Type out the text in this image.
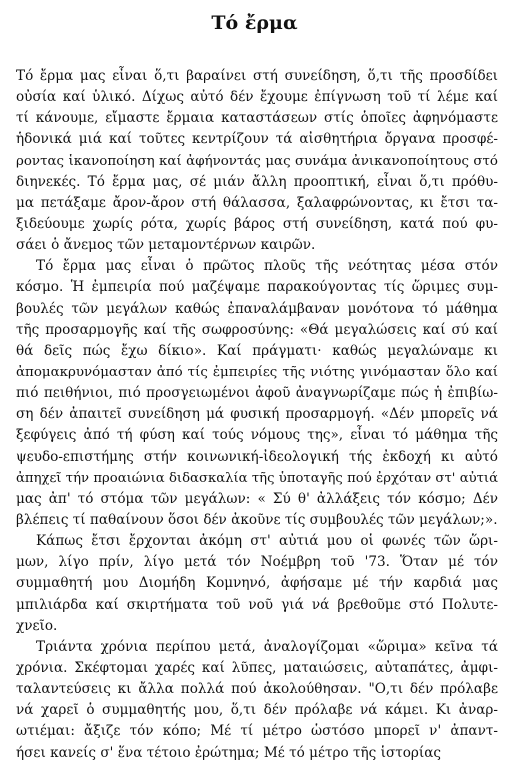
Τό ἔρμα
Τό ἔρμα μας εἶναι ὅ,τι βαραίνει στή συνείδηση, ὅ,τι τῆς προσδίδει
οὐσία καί ὑλικό. Δίχως αὐτό δέν ἔχουμε ἐπίγνωση τοῦ τί λέμε καί
τί κάνουμε, εἴμαστε ἔρμαια καταστάσεων στίς ὁποῖες ἀφηνόμαστε
ἡδονικά μιά καί τοῦτες κεντρίζουν τά αἰσθητήρια ὄργανα προσφέ-
ροντας ἱκανοποίηση καί ἀφήνοντάς μας συνάμα ἀνικανοποίητους στό
διηνεκές. Τό ἔρμα μας, σέ μιάν ἄλλη προοπτική, εἶναι ὅ,τι πρόθυ-
μα πετάξαμε ἄρον-ἄρον στή θάλασσα, ξαλαφρώνοντας, κι ἔτσι τα-
ξιδεύουμε χωρίς ρότα, χωρίς βάρος στή συνείδηση, κατά πού φυ-
σάει ὁ ἄνεμος τῶν μεταμοντέρνων καιρῶν.
Τό ἔρμα μας εἶναι ὁ πρῶτος πλοῦς τῆς νεότητας μέσα στόν
κόσμο. Ἡ ἐμπειρία πού μαζέψαμε παρακούγοντας τίς ὥριμες συμ-
βουλές τῶν μεγάλων καθώς ἐπαναλάμβαναν μονότονα τό μάθημα
τῆς προσαρμογῆς καί τῆς σωφροσύνης: «Θά μεγαλώσεις καί σύ καί
θά δεῖς πώς ἔχω δίκιο». Καί πράγματι· καθώς μεγαλώναμε κι
ἀπομακρυνόμασταν ἀπό τίς ἐμπειρίες τῆς νιότης γινόμασταν ὅλο καί
πιό πειθήνιοι, πιό προσγειωμένοι ἀφοῦ ἀναγνωρίζαμε πώς ἡ ἐπιβίω-
ση δέν ἀπαιτεῖ συνείδηση μά φυσική προσαρμογή. «Δέν μπορεῖς νά
ξεφύγεις ἀπό τή φύση καί τούς νόμους της», εἶναι τό μάθημα τῆς
ψευδο-επιστήμης στήν κοινωνική-ἰδεολογική τής ἐκδοχή κι αὐτό
ἀπηχεῖ τήν προαιώνια διδασκαλία τῆς ὑποταγῆς πού ἐρχόταν στ' αὐτιά
μας ἀπ' τό στόμα τῶν μεγάλων: « Σύ θ' ἀλλάξεις τόν κόσμο; Δέν
βλέπεις τί παθαίνουν ὅσοι δέν ἀκοῦνε τίς συμβουλές τῶν μεγάλων;».
Κάπως ἔτσι ἔρχονται ἀκόμη στ' αὐτιά μου οἱ φωνές τῶν ὥρι-
μων, λίγο πρίν, λίγο μετά τόν Νοέμβρη τοῦ '73. Ὅταν μέ τόν
συμμαθητή μου Διομήδη Κομνηνό, ἀφήσαμε μέ τήν καρδιά μας
μπιλιάρδα καί σκιρτήματα τοῦ νοῦ γιά νά βρεθοῦμε στό Πολυτε-
χνεῖο.
Τριάντα χρόνια περίπου μετά, ἀναλογίζομαι «ὥριμα» κεῖνα τά
χρόνια. Σκέφτομαι χαρές καί λῦπες, ματαιώσεις, αὐταπάτες, ἀμφι-
ταλαντεύσεις κι ἄλλα πολλά πού ἀκολούθησαν. "Ο,τι δέν πρόλαβε
νά χαρεῖ ὁ συμμαθητής μου, ὅ,τι δέν πρόλαβε νά κάμει. Κι ἀναρ-
ωτιέμαι: ἄξιζε τόν κόπο; Μέ τί μέτρο ὡστόσο μπορεῖ ν' ἀπαντ-
ήσει κανείς σ' ἕνα τέτοιο ἐρώτημα; Μέ τό μέτρο τῆς ἱστορίας
